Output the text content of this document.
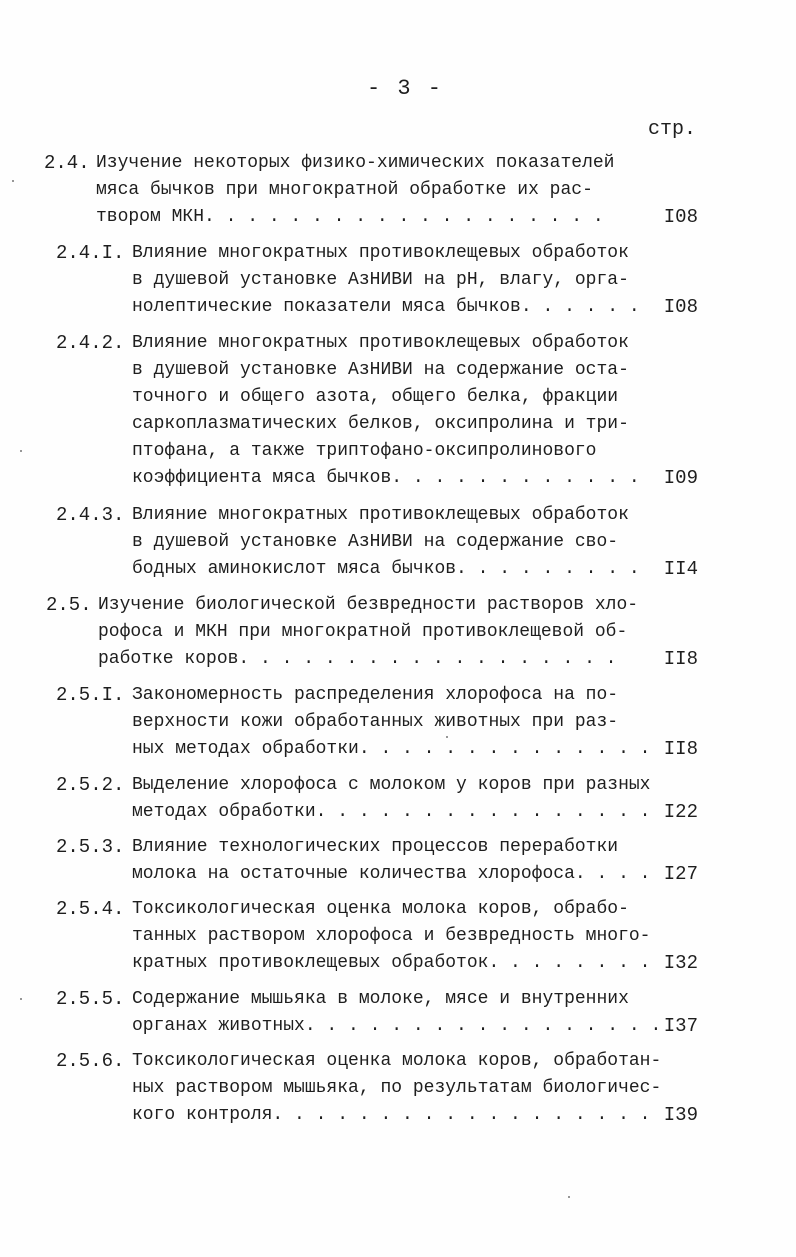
- 3 -
стр.
2.4. Изучение некоторых физико-химических показателей
мяса бычков при многократной обработке их рас-
твором МКН. . . . . . . . . . . . . . . . . . .	I08
2.4.I. Влияние многократных противоклещевых обработок
в душевой установке АзНИВИ на рН, влагу, орга-
нолептические показатели мяса бычков. . . . . .	I08
2.4.2. Влияние многократных противоклещевых обработок
в душевой установке АзНИВИ на содержание оста-
точного и общего азота, общего белка, фракции
саркоплазматических белков, оксипролина и три-
птофана, а также триптофано-оксипролинового
коэффициента мяса бычков. . . . . . . . . . . .	I09
2.4.3. Влияние многократных противоклещевых обработок
в душевой установке АзНИВИ на содержание сво-
бодных аминокислот мяса бычков. . . . . . . . .	II4
2.5. Изучение биологической безвредности растворов хло-
рофоса и МКН при многократной противоклещевой об-
работке коров. . . . . . . . . . . . . . . . . . II8
2.5.I. Закономерность распределения хлорофоса на по-
верхности кожи обработанных животных при раз-
ных методах обработки. . . . . . . . . . . . . . II8
2.5.2. Выделение хлорофоса с молоком у коров при разных
методах обработки. . . . . . . . . . . . . . . . I22
2.5.3. Влияние технологических процессов переработки
молока на остаточные количества хлорофоса. . . . I27
2.5.4. Токсикологическая оценка молока коров, обрабо-
танных раствором хлорофоса и безвредность много-
кратных противоклещевых обработок. . . . . . . . I32
2.5.5. Содержание мышьяка в молоке, мясе и внутренних
органах животных. . . . . . . . . . . . . . . . . I37
2.5.6. Токсикологическая оценка молока коров, обработан-
ных раствором мышьяка, по результатам биологичес-
кого контроля. . . . . . . . . . . . . . . . . . I39
